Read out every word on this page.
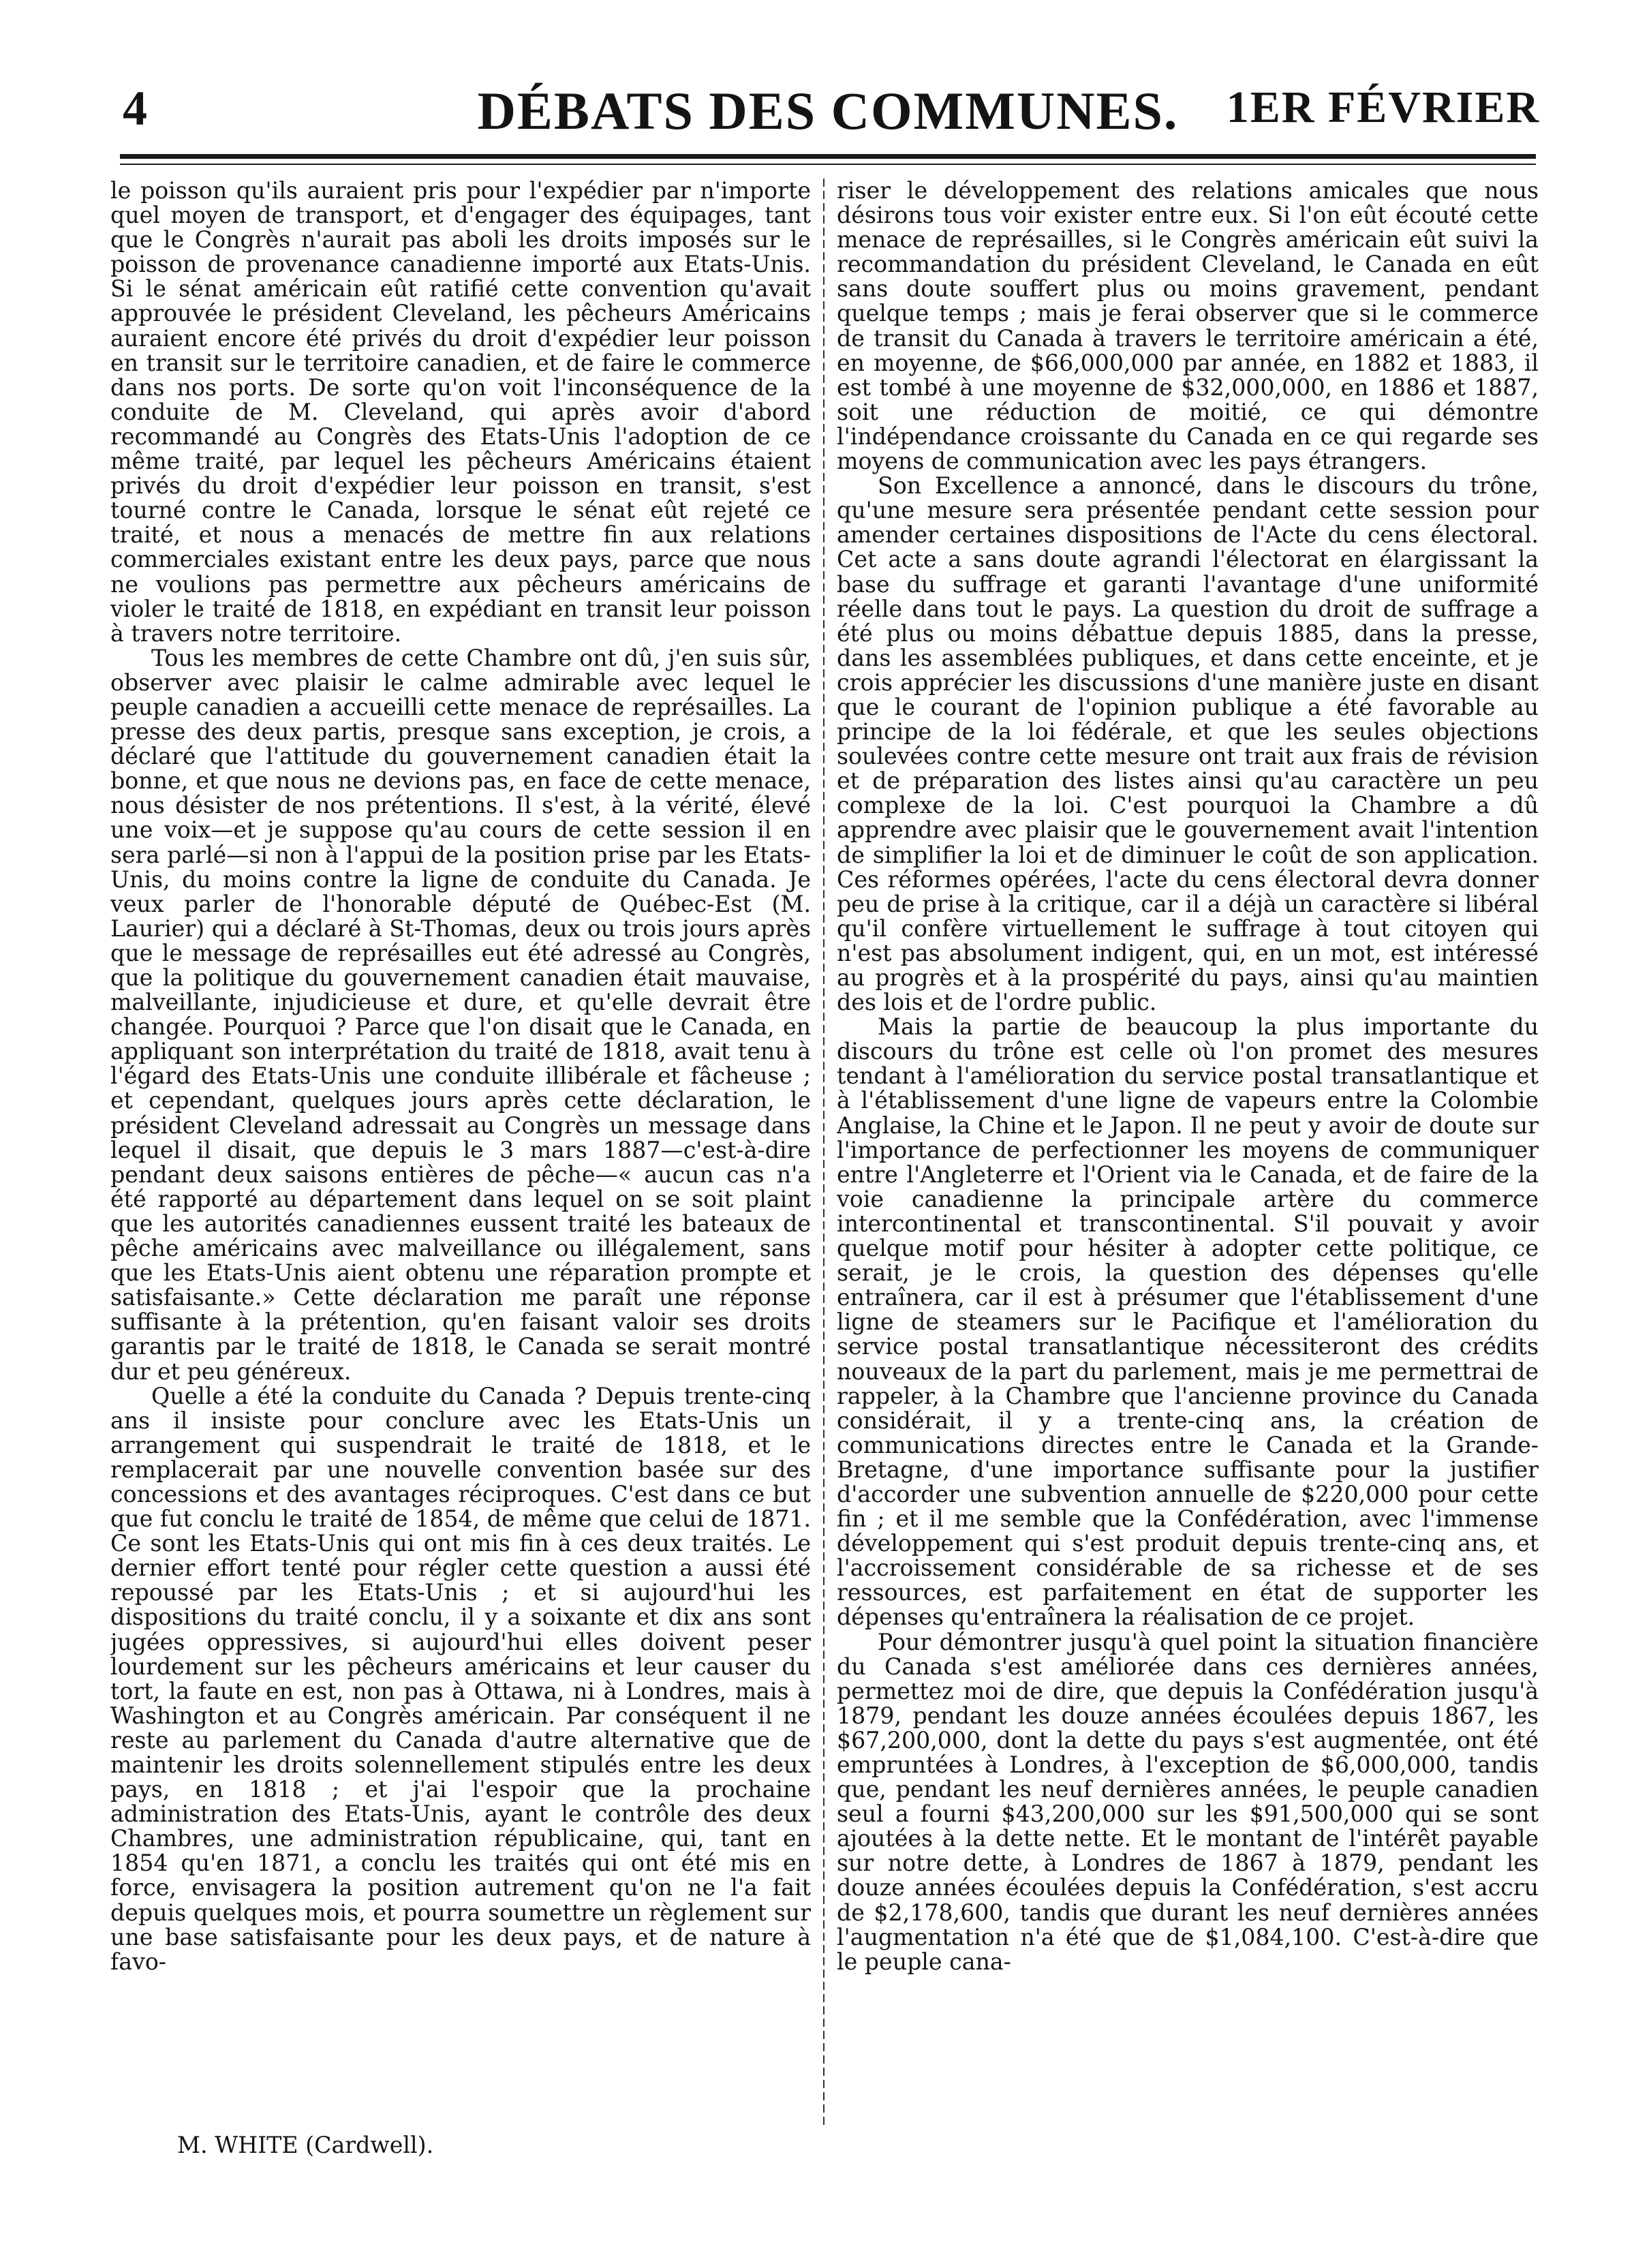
4	DÉBATS DES COMMUNES.	1ER FÉVRIER

le poisson qu'ils auraient pris pour l'expédier par n'importe quel moyen de transport, et d'engager des équipages, tant que le Congrès n'aurait pas aboli les droits imposés sur le poisson de provenance canadienne importé aux Etats-Unis. Si le sénat américain eût ratifié cette convention qu'avait approuvée le président Cleveland, les pêcheurs Américains auraient encore été privés du droit d'expédier leur poisson en transit sur le territoire canadien, et de faire le commerce dans nos ports. De sorte qu'on voit l'inconséquence de la conduite de M. Cleveland, qui après avoir d'abord recommandé au Congrès des Etats-Unis l'adoption de ce même traité, par lequel les pêcheurs Américains étaient privés du droit d'expédier leur poisson en transit, s'est tourné contre le Canada, lorsque le sénat eût rejeté ce traité, et nous a menacés de mettre fin aux relations commerciales existant entre les deux pays, parce que nous ne voulions pas permettre aux pêcheurs américains de violer le traité de 1818, en expédiant en transit leur poisson à travers notre territoire.

Tous les membres de cette Chambre ont dû, j'en suis sûr, observer avec plaisir le calme admirable avec lequel le peuple canadien a accueilli cette menace de représailles. La presse des deux partis, presque sans exception, je crois, a déclaré que l'attitude du gouvernement canadien était la bonne, et que nous ne devions pas, en face de cette menace, nous désister de nos prétentions. Il s'est, à la vérité, élevé une voix—et je suppose qu'au cours de cette session il en sera parlé—si non à l'appui de la position prise par les Etats-Unis, du moins contre la ligne de conduite du Canada. Je veux parler de l'honorable député de Québec-Est (M. Laurier) qui a déclaré à St-Thomas, deux ou trois jours après que le message de représailles eut été adressé au Congrès, que la politique du gouvernement canadien était mauvaise, malveillante, injudicieuse et dure, et qu'elle devrait être changée. Pourquoi ? Parce que l'on disait que le Canada, en appliquant son interprétation du traité de 1818, avait tenu à l'égard des Etats-Unis une conduite illibérale et fâcheuse ; et cependant, quelques jours après cette déclaration, le président Cleveland adressait au Congrès un message dans lequel il disait, que depuis le 3 mars 1887—c'est-à-dire pendant deux saisons entières de pêche—« aucun cas n'a été rapporté au département dans lequel on se soit plaint que les autorités canadiennes eussent traité les bateaux de pêche américains avec malveillance ou illégalement, sans que les Etats-Unis aient obtenu une réparation prompte et satisfaisante.» Cette déclaration me paraît une réponse suffisante à la prétention, qu'en faisant valoir ses droits garantis par le traité de 1818, le Canada se serait montré dur et peu généreux.

Quelle a été la conduite du Canada ? Depuis trente-cinq ans il insiste pour conclure avec les Etats-Unis un arrangement qui suspendrait le traité de 1818, et le remplacerait par une nouvelle convention basée sur des concessions et des avantages réciproques. C'est dans ce but que fut conclu le traité de 1854, de même que celui de 1871. Ce sont les Etats-Unis qui ont mis fin à ces deux traités. Le dernier effort tenté pour régler cette question a aussi été repoussé par les Etats-Unis ; et si aujourd'hui les dispositions du traité conclu, il y a soixante et dix ans sont jugées oppressives, si aujourd'hui elles doivent peser lourdement sur les pêcheurs américains et leur causer du tort, la faute en est, non pas à Ottawa, ni à Londres, mais à Washington et au Congrès américain. Par conséquent il ne reste au parlement du Canada d'autre alternative que de maintenir les droits solennellement stipulés entre les deux pays, en 1818 ; et j'ai l'espoir que la prochaine administration des Etats-Unis, ayant le contrôle des deux Chambres, une administration républicaine, qui, tant en 1854 qu'en 1871, a conclu les traités qui ont été mis en force, envisagera la position autrement qu'on ne l'a fait depuis quelques mois, et pourra soumettre un règlement sur une base satisfaisante pour les deux pays, et de nature à favo-

riser le développement des relations amicales que nous désirons tous voir exister entre eux. Si l'on eût écouté cette menace de représailles, si le Congrès américain eût suivi la recommandation du président Cleveland, le Canada en eût sans doute souffert plus ou moins gravement, pendant quelque temps ; mais je ferai observer que si le commerce de transit du Canada à travers le territoire américain a été, en moyenne, de $66,000,000 par année, en 1882 et 1883, il est tombé à une moyenne de $32,000,000, en 1886 et 1887, soit une réduction de moitié, ce qui démontre l'indépendance croissante du Canada en ce qui regarde ses moyens de communication avec les pays étrangers.

Son Excellence a annoncé, dans le discours du trône, qu'une mesure sera présentée pendant cette session pour amender certaines dispositions de l'Acte du cens électoral. Cet acte a sans doute agrandi l'électorat en élargissant la base du suffrage et garanti l'avantage d'une uniformité réelle dans tout le pays. La question du droit de suffrage a été plus ou moins débattue depuis 1885, dans la presse, dans les assemblées publiques, et dans cette enceinte, et je crois apprécier les discussions d'une manière juste en disant que le courant de l'opinion publique a été favorable au principe de la loi fédérale, et que les seules objections soulevées contre cette mesure ont trait aux frais de révision et de préparation des listes ainsi qu'au caractère un peu complexe de la loi. C'est pourquoi la Chambre a dû apprendre avec plaisir que le gouvernement avait l'intention de simplifier la loi et de diminuer le coût de son application. Ces réformes opérées, l'acte du cens électoral devra donner peu de prise à la critique, car il a déjà un caractère si libéral qu'il confère virtuellement le suffrage à tout citoyen qui n'est pas absolument indigent, qui, en un mot, est intéressé au progrès et à la prospérité du pays, ainsi qu'au maintien des lois et de l'ordre public.

Mais la partie de beaucoup la plus importante du discours du trône est celle où l'on promet des mesures tendant à l'amélioration du service postal transatlantique et à l'établissement d'une ligne de vapeurs entre la Colombie Anglaise, la Chine et le Japon. Il ne peut y avoir de doute sur l'importance de perfectionner les moyens de communiquer entre l'Angleterre et l'Orient via le Canada, et de faire de la voie canadienne la principale artère du commerce intercontinental et transcontinental. S'il pouvait y avoir quelque motif pour hésiter à adopter cette politique, ce serait, je le crois, la question des dépenses qu'elle entraînera, car il est à présumer que l'établissement d'une ligne de steamers sur le Pacifique et l'amélioration du service postal transatlantique nécessiteront des crédits nouveaux de la part du parlement, mais je me permettrai de rappeler, à la Chambre que l'ancienne province du Canada considérait, il y a trente-cinq ans, la création de communications directes entre le Canada et la Grande-Bretagne, d'une importance suffisante pour la justifier d'accorder une subvention annuelle de $220,000 pour cette fin ; et il me semble que la Confédération, avec l'immense développement qui s'est produit depuis trente-cinq ans, et l'accroissement considérable de sa richesse et de ses ressources, est parfaitement en état de supporter les dépenses qu'entraînera la réalisation de ce projet.

Pour démontrer jusqu'à quel point la situation financière du Canada s'est améliorée dans ces dernières années, permettez moi de dire, que depuis la Confédération jusqu'à 1879, pendant les douze années écoulées depuis 1867, les $67,200,000, dont la dette du pays s'est augmentée, ont été empruntées à Londres, à l'exception de $6,000,000, tandis que, pendant les neuf dernières années, le peuple canadien seul a fourni $43,200,000 sur les $91,500,000 qui se sont ajoutées à la dette nette. Et le montant de l'intérêt payable sur notre dette, à Londres de 1867 à 1879, pendant les douze années écoulées depuis la Confédération, s'est accru de $2,178,600, tandis que durant les neuf dernières années l'augmentation n'a été que de $1,084,100. C'est-à-dire que le peuple cana-

M. WHITE (Cardwell).
